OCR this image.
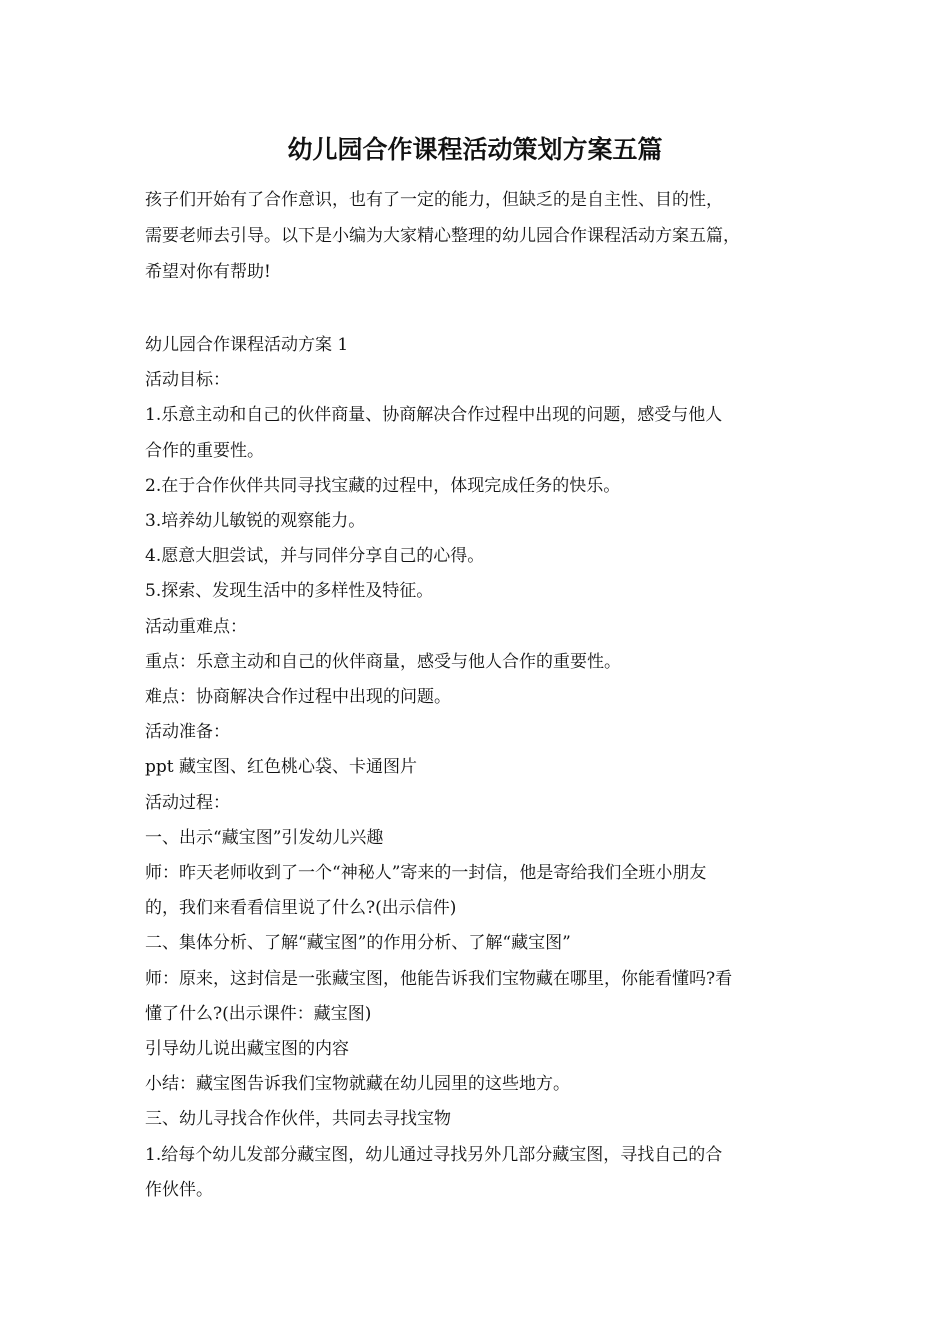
幼儿园合作课程活动策划方案五篇

孩子们开始有了合作意识，也有了一定的能力，但缺乏的是自主性、目的性，

需要老师去引导。以下是小编为大家精心整理的幼儿园合作课程活动方案五篇，

希望对你有帮助!

幼儿园合作课程活动方案 1

活动目标：

1.乐意主动和自己的伙伴商量、协商解决合作过程中出现的问题，感受与他人

合作的重要性。

2.在于合作伙伴共同寻找宝藏的过程中，体现完成任务的快乐。

3.培养幼儿敏锐的观察能力。

4.愿意大胆尝试，并与同伴分享自己的心得。

5.探索、发现生活中的多样性及特征。

活动重难点：

重点：乐意主动和自己的伙伴商量，感受与他人合作的重要性。

难点：协商解决合作过程中出现的问题。

活动准备：

ppt 藏宝图、红色桃心袋、卡通图片

活动过程：

一、出示“藏宝图”引发幼儿兴趣

师：昨天老师收到了一个“神秘人”寄来的一封信，他是寄给我们全班小朋友

的，我们来看看信里说了什么?(出示信件)

二、集体分析、了解“藏宝图”的作用分析、了解“藏宝图”

师：原来，这封信是一张藏宝图，他能告诉我们宝物藏在哪里，你能看懂吗?看

懂了什么?(出示课件：藏宝图)

引导幼儿说出藏宝图的内容

小结：藏宝图告诉我们宝物就藏在幼儿园里的这些地方。

三、幼儿寻找合作伙伴，共同去寻找宝物

1.给每个幼儿发部分藏宝图，幼儿通过寻找另外几部分藏宝图，寻找自己的合

作伙伴。
